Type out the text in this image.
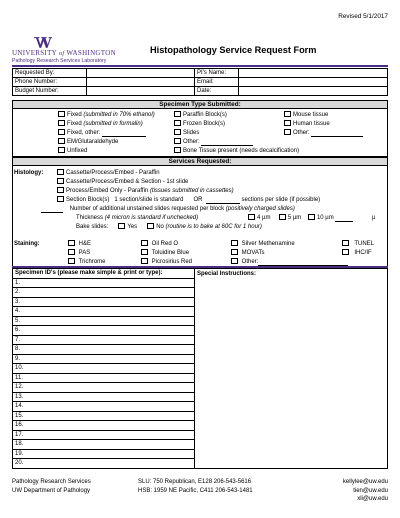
Revised 5/1/2017
UNIVERSITY of WASHINGTON
Pathology Research Services Laboratory
Histopathology Service Request Form
Requested By:		PI's Name:	
Phone Number:		Email:	
Budget Number:		Date:	
Specimen Type Submitted:
Fixed (submitted in 70% ethanol)
Fixed (submitted in formalin)
Fixed, other:
EM/Glutaraldehyde
Unfixed
Paraffin Block(s)
Frozen Block(s)
Slides
Other:
Bone Tissue present (needs decalcification)
Mouse tissue
Human tissue
Other:
Services Requested:
Histology:	Cassette/Process/Embed - Paraffin
Cassette/Process/Embed & Section - 1st slide
Process/Embed Only - Paraffin (tissues submitted in cassettes)
Section Block(s) 1 section/slide is standard OR	sections per slide (if possible)
Number of additional unstained slides requested per block (positively charged slides)
Thickness (4 micron is standard if unchecked)	4 µm	5 µm	10 µm	µ
Bake slides:	Yes	No (routine is to bake at 60C for 1 hour)
Staining:	H&E
PAS
Trichrome
Oil Red O
Toluidine Blue
Picrosirius Red
Silver Methenamine
MOVATs
Other:
TUNEL
IHC/IF
Specimen ID's (please make simple & print or type):	Special Instructions:
1.	
2.	
3.	
4.	
5.	
6.	
7.	
8.	
9.	
10.	
11.	
12.	
13.	
14.	
15.	
16.	
17.	
18.	
19.	
20.	
Pathology Research Services
UW Department of Pathology
SLU: 750 Republican, E128 206-543-5616
HSB: 1959 NE Pacific, C411 206-543-1481
kellylee@uw.edu
tien@uw.edu
xli@uw.edu
